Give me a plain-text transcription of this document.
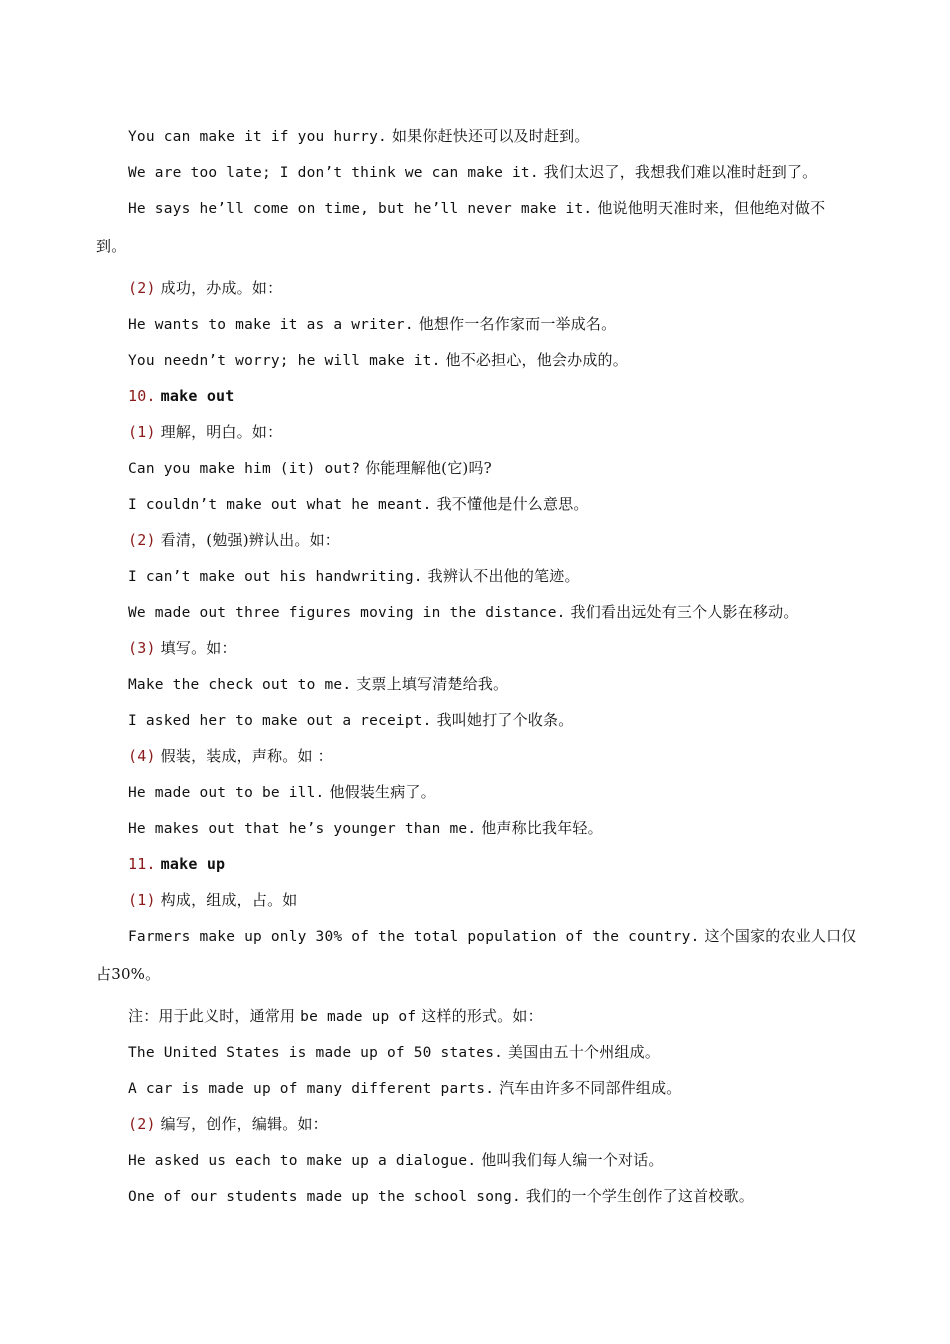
You can make it if you hurry. 如果你赶快还可以及时赶到。
We are too late; I don’t think we can make it. 我们太迟了，我想我们难以准时赶到了。
He says he’ll come on time, but he’ll never make it. 他说他明天准时来，但他绝对做不
到。
(2) 成功，办成。如：
He wants to make it as a writer. 他想作一名作家而一举成名。
You needn’t worry; he will make it. 他不必担心，他会办成的。
10. make out
(1) 理解，明白。如：
Can you make him (it) out? 你能理解他(它)吗?
I couldn’t make out what he meant. 我不懂他是什么意思。
(2) 看清，(勉强)辨认出。如：
I can’t make out his handwriting. 我辨认不出他的笔迹。
We made out three figures moving in the distance. 我们看出远处有三个人影在移动。
(3) 填写。如：
Make the check out to me. 支票上填写清楚给我。
I asked her to make out a receipt. 我叫她打了个收条。
(4) 假装，装成，声称。如 ：
He made out to be ill. 他假装生病了。
He makes out that he’s younger than me. 他声称比我年轻。
11. make up
(1) 构成，组成，占。如
Farmers make up only 30% of the total population of the country. 这个国家的农业人口仅
占30%。
注：用于此义时，通常用 be made up of 这样的形式。如：
The United States is made up of 50 states. 美国由五十个州组成。
A car is made up of many different parts. 汽车由许多不同部件组成。
(2) 编写，创作，编辑。如：
He asked us each to make up a dialogue. 他叫我们每人编一个对话。
One of our students made up the school song. 我们的一个学生创作了这首校歌。
